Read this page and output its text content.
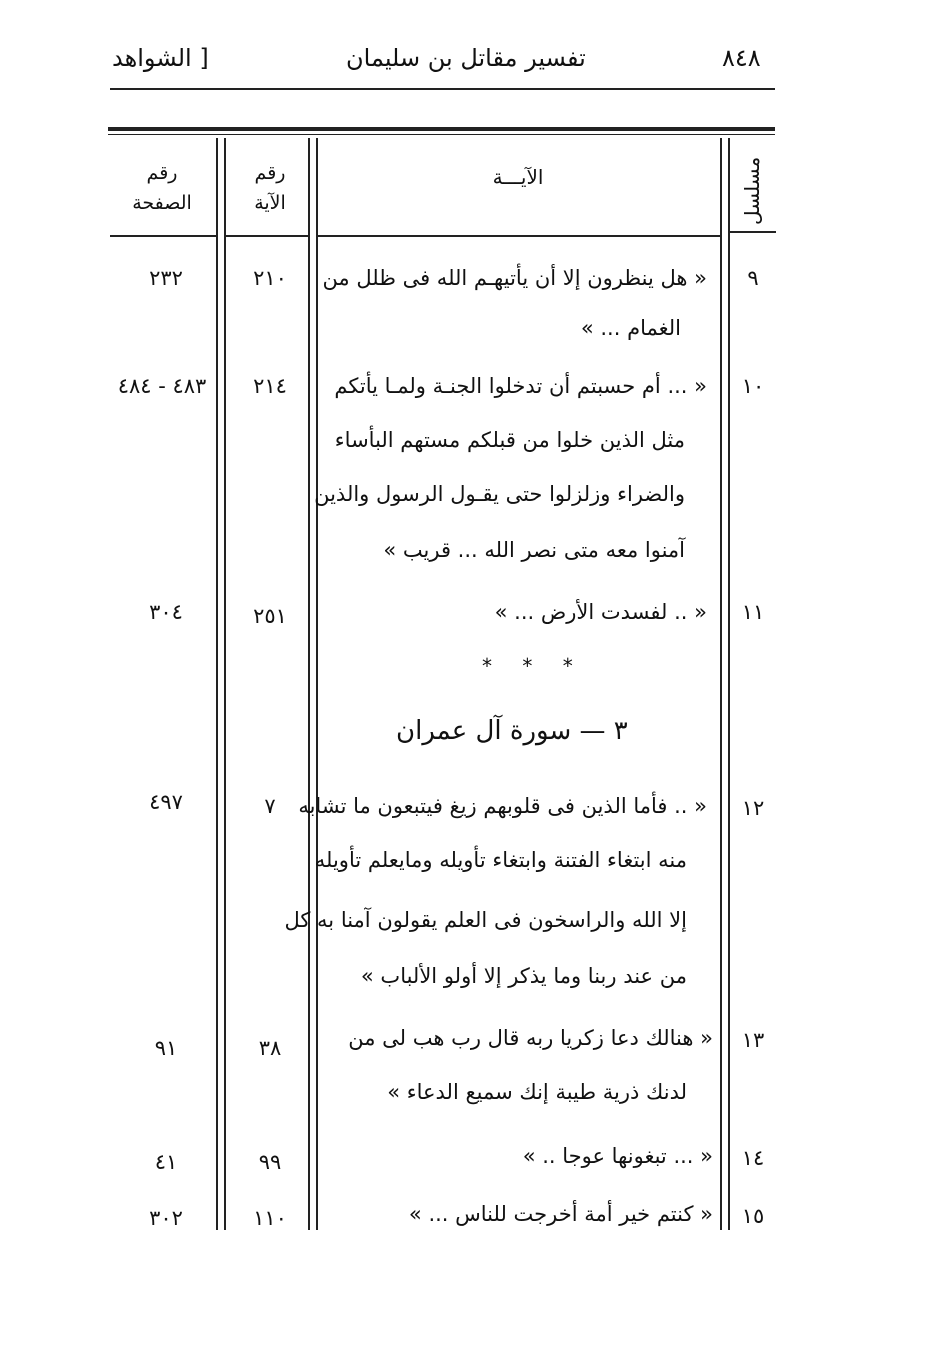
٨٤٨
تفسير مقاتل بن سليمان
[ الشواهد
مسلسل
الآيـــة
رقم
الآية
رقم
الصفحة
٩
« هل ينظرون إلا أن يأتيهـم الله فى ظلل من
الغمام ... »
٢١٠
٢٣٢
١٠
« ... أم حسبتم أن تدخلوا الجنـة ولمـا يأتكم
مثل الذين خلوا من قبلكم مستهم البأساء
والضراء وزلزلوا حتى يقـول الرسول والذين
آمنوا معه متى نصر الله ... قريب »
٢١٤
٤٨٣ - ٤٨٤
١١
« .. لفسدت الأرض ... »
٢٥١
٣٠٤
* * *
٣ — سورة آل عمران
١٢
« .. فأما الذين فى قلوبهم زيغ فيتبعون ما تشابه
منه ابتغاء الفتنة وابتغاء تأويله ومايعلم تأويله
إلا الله والراسخون فى العلم يقولون آمنا به كل
من عند ربنا وما يذكر إلا أولو الألباب »
٧
٤٩٧
١٣
« هنالك دعا زكريا ربه قال رب هب لى من
لدنك ذرية طيبة إنك سميع الدعاء »
٣٨
٩١
١٤
« ... تبغونها عوجا .. »
٩٩
٤١
١٥
« كنتم خير أمة أخرجت للناس ... »
١١٠
٣٠٢
